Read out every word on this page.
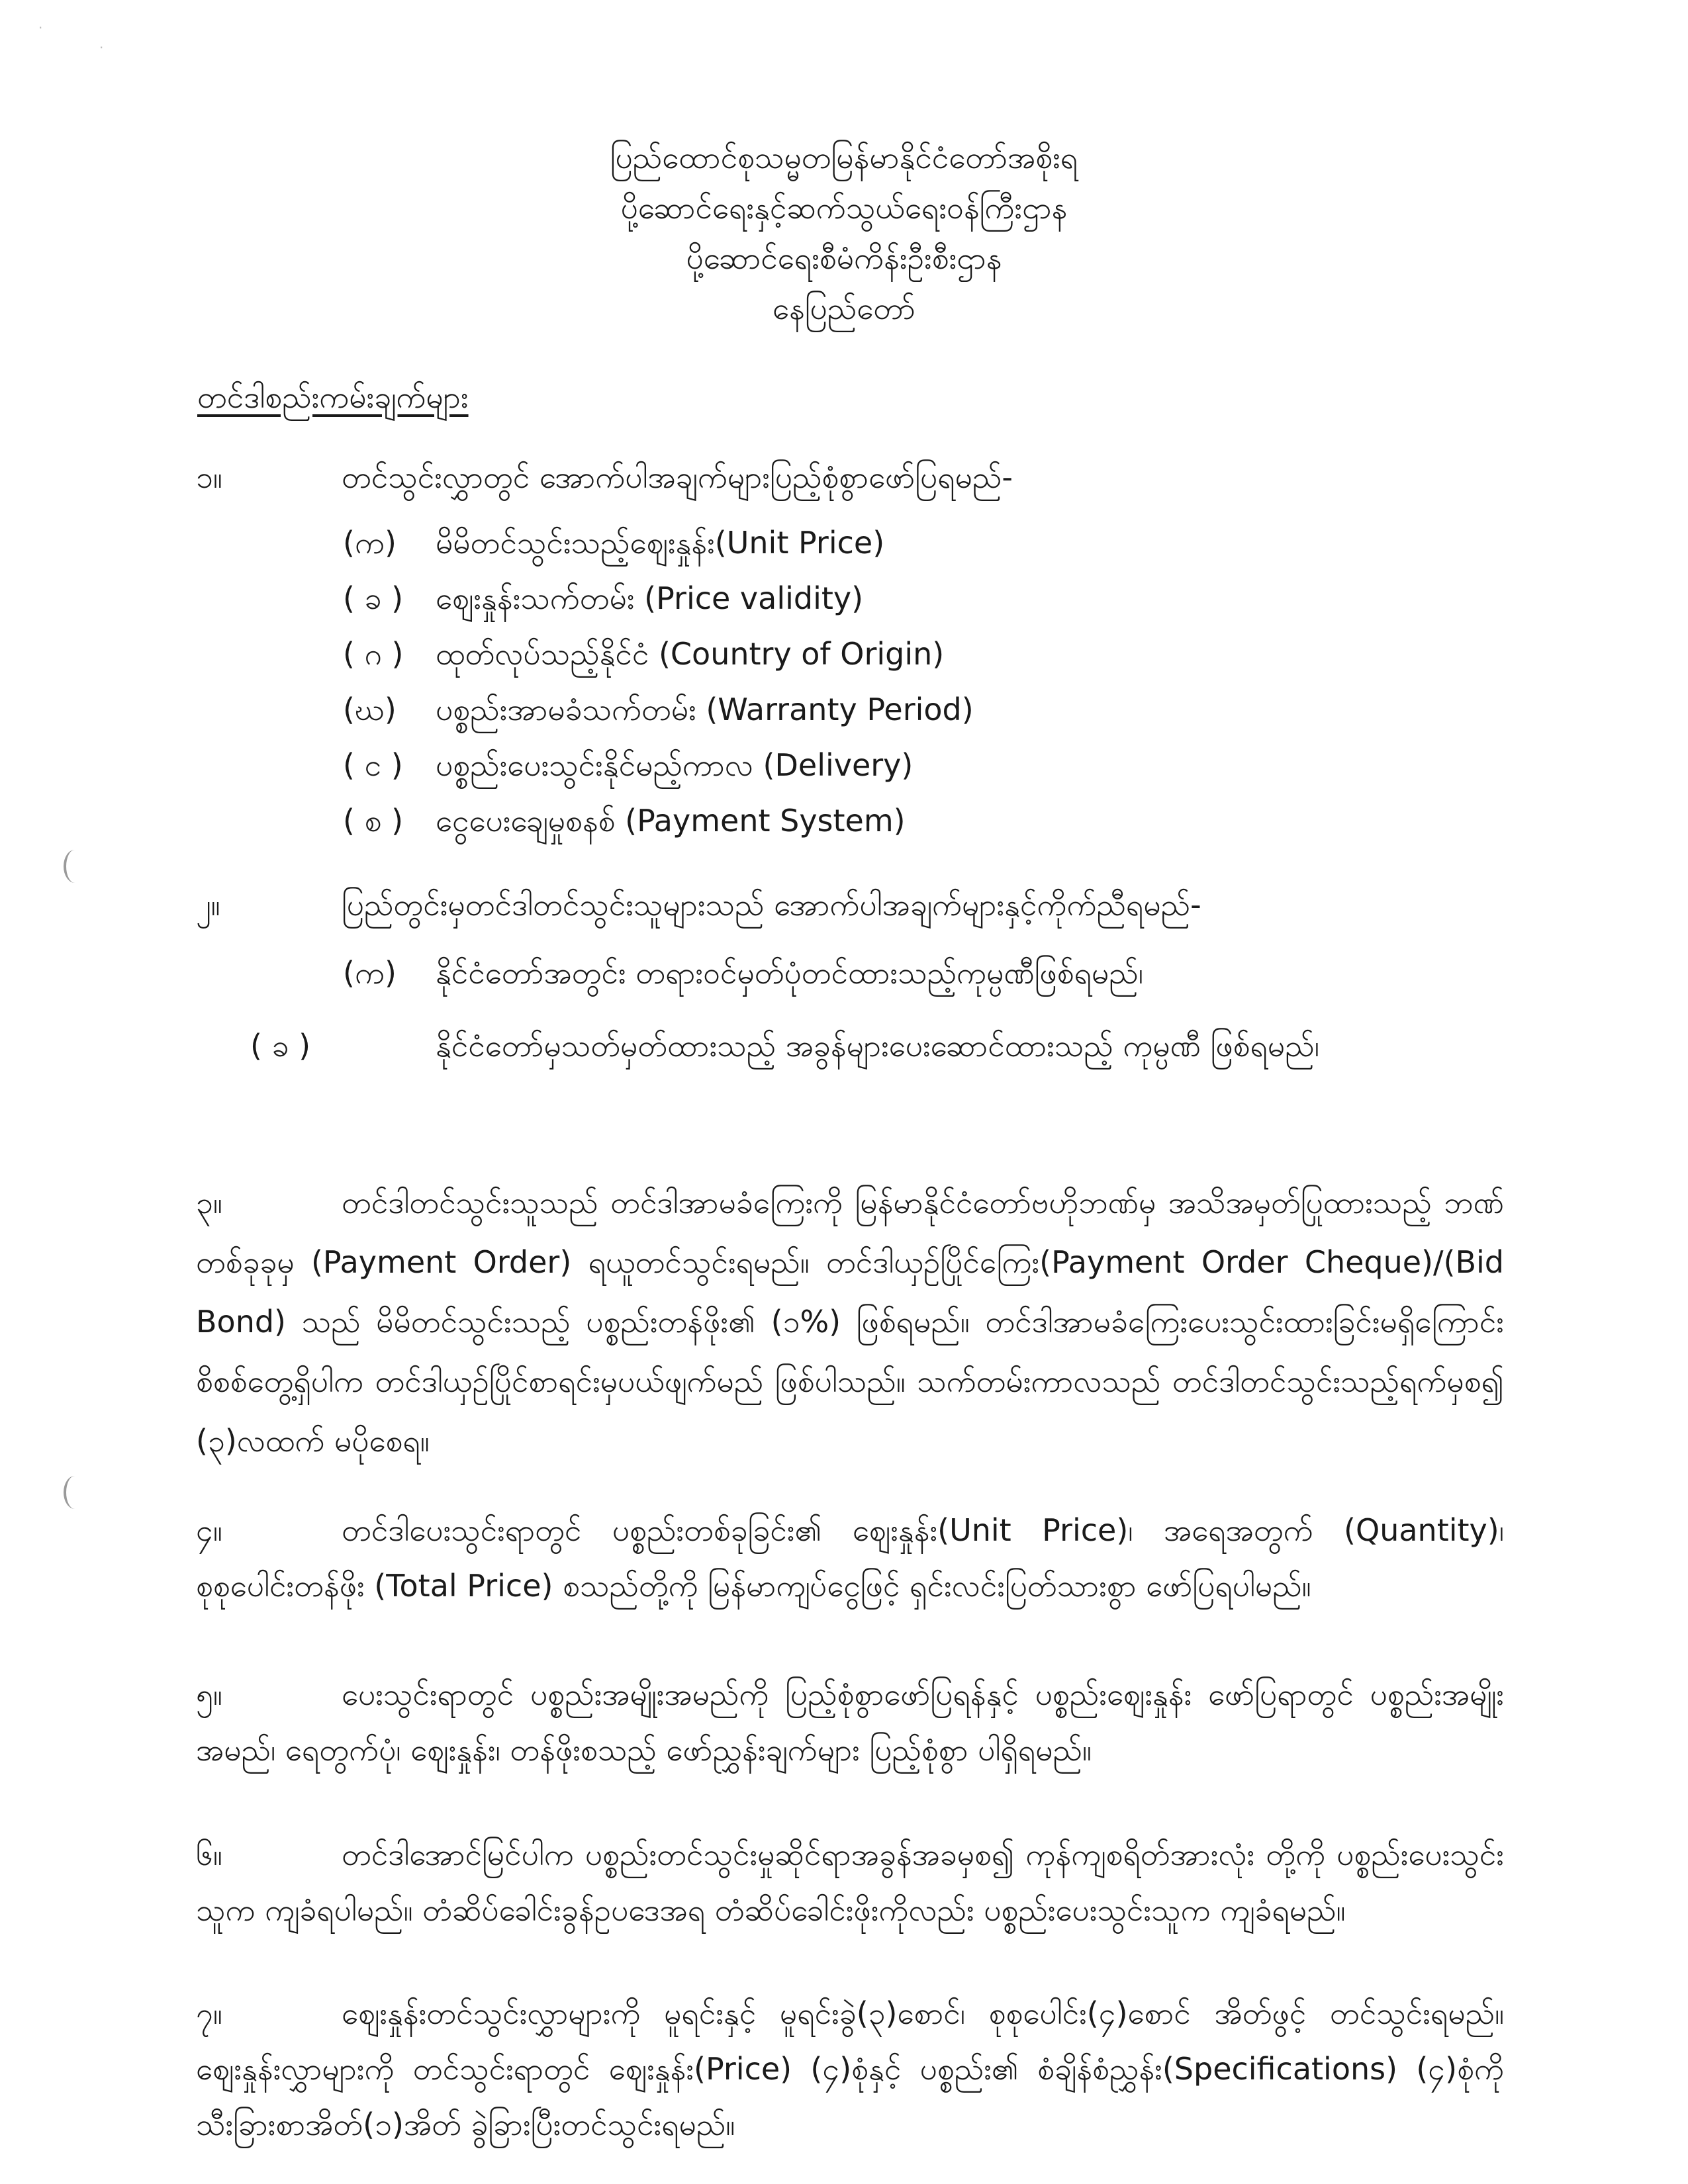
·
·
ပြည်ထောင်စုသမ္မတမြန်မာနိုင်ငံတော်အစိုးရ
ပို့ဆောင်ရေးနှင့်ဆက်သွယ်ရေးဝန်ကြီးဌာန
ပို့ဆောင်ရေးစီမံကိန်းဦးစီးဌာန
နေပြည်တော်
တင်ဒါစည်းကမ်းချက်များ
၁။	တင်သွင်းလွှာတွင် အောက်ပါအချက်များပြည့်စုံစွာဖော်ပြရမည်-
(က) မိမိတင်သွင်းသည့်ဈေးနှုန်း(Unit Price)
( ခ ) ဈေးနှုန်းသက်တမ်း (Price validity)
( ဂ ) ထုတ်လုပ်သည့်နိုင်ငံ (Country of Origin)
(ဃ) ပစ္စည်းအာမခံသက်တမ်း (Warranty Period)
( င ) ပစ္စည်းပေးသွင်းနိုင်မည့်ကာလ (Delivery)
( စ ) ငွေပေးချေမှုစနစ် (Payment System)
၂။	ပြည်တွင်းမှတင်ဒါတင်သွင်းသူများသည် အောက်ပါအချက်များနှင့်ကိုက်ညီရမည်-
(က) နိုင်ငံတော်အတွင်း တရားဝင်မှတ်ပုံတင်ထားသည့်ကုမ္ပဏီဖြစ်ရမည်၊
( ခ )	နိုင်ငံတော်မှသတ်မှတ်ထားသည့် အခွန်များပေးဆောင်ထားသည့် ကုမ္ပဏီ ဖြစ်ရမည်၊
၃။	တင်ဒါတင်သွင်းသူသည် တင်ဒါအာမခံကြေးကို မြန်မာနိုင်ငံတော်ဗဟိုဘဏ်မှ အသိအမှတ်ပြုထားသည့် ဘဏ်တစ်ခုခုမှ (Payment Order) ရယူတင်သွင်းရမည်။ တင်ဒါယှဉ်ပြိုင်ကြေး(Payment Order Cheque)/(Bid Bond) သည် မိမိတင်သွင်းသည့် ပစ္စည်းတန်ဖိုး၏ (၁%) ဖြစ်ရမည်။ တင်ဒါအာမခံကြေးပေးသွင်းထားခြင်းမရှိကြောင်း စိစစ်တွေ့ရှိပါက တင်ဒါယှဉ်ပြိုင်စာရင်းမှပယ်ဖျက်မည် ဖြစ်ပါသည်။ သက်တမ်းကာလသည် တင်ဒါတင်သွင်းသည့်ရက်မှစ၍ (၃)လထက် မပိုစေရ။
၄။	တင်ဒါပေးသွင်းရာတွင် ပစ္စည်းတစ်ခုခြင်း၏ ဈေးနှုန်း(Unit Price)၊ အရေအတွက် (Quantity)၊ စုစုပေါင်းတန်ဖိုး (Total Price) စသည်တို့ကို မြန်မာကျပ်ငွေဖြင့် ရှင်းလင်းပြတ်သားစွာ ဖော်ပြရပါမည်။
၅။	ပေးသွင်းရာတွင် ပစ္စည်းအမျိုးအမည်ကို ပြည့်စုံစွာဖော်ပြရန်နှင့် ပစ္စည်းဈေးနှုန်း ဖော်ပြရာတွင် ပစ္စည်းအမျိုးအမည်၊ ရေတွက်ပုံ၊ ဈေးနှုန်း၊ တန်ဖိုးစသည့် ဖော်ညွှန်းချက်များ ပြည့်စုံစွာ ပါရှိရမည်။
၆။	တင်ဒါအောင်မြင်ပါက ပစ္စည်းတင်သွင်းမှုဆိုင်ရာအခွန်အခမှစ၍ ကုန်ကျစရိတ်အားလုံး တို့ကို ပစ္စည်းပေးသွင်းသူက ကျခံရပါမည်။ တံဆိပ်ခေါင်းခွန်ဥပဒေအရ တံဆိပ်ခေါင်းဖိုးကိုလည်း ပစ္စည်းပေးသွင်းသူက ကျခံရမည်။
၇။	ဈေးနှုန်းတင်သွင်းလွှာများကို မူရင်းနှင့် မူရင်းခွဲ(၃)စောင်၊ စုစုပေါင်း(၄)စောင် အိတ်ဖွင့် တင်သွင်းရမည်။ ဈေးနှုန်းလွှာများကို တင်သွင်းရာတွင် ဈေးနှုန်း(Price) (၄)စုံနှင့် ပစ္စည်း၏ စံချိန်စံညွှန်း(Specifications) (၄)စုံကို သီးခြားစာအိတ်(၁)အိတ် ခွဲခြားပြီးတင်သွင်းရမည်။
